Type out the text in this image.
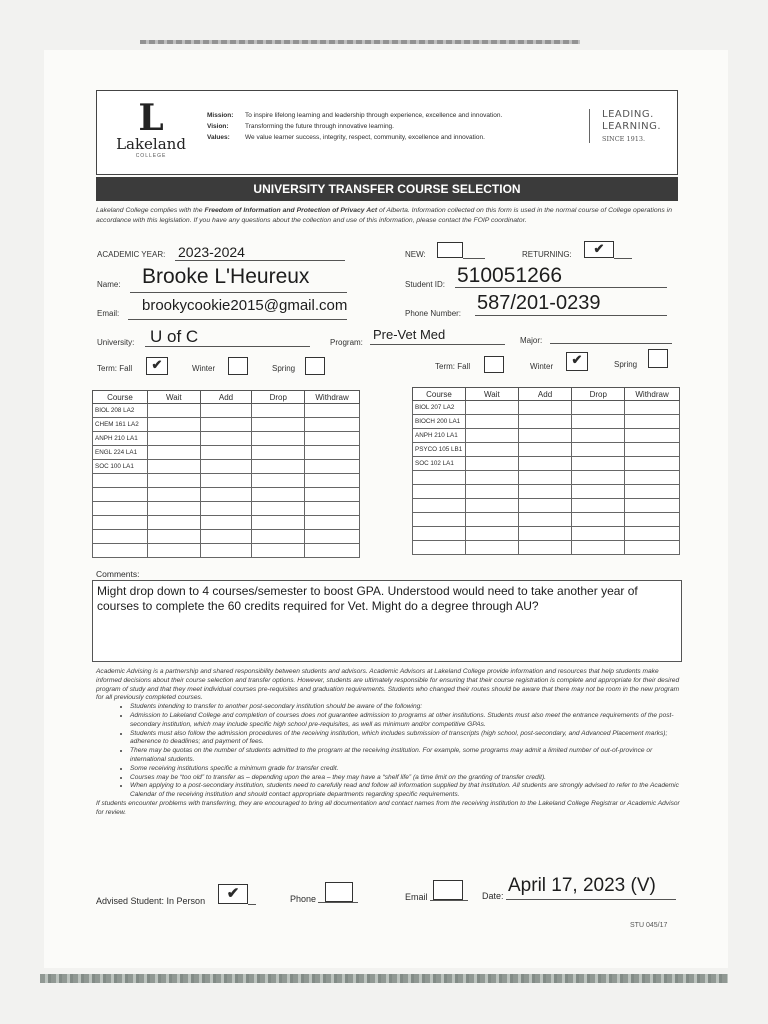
L
Lakeland
COLLEGE
Mission:	To inspire lifelong learning and leadership through experience, excellence and innovation.
Vision:	Transforming the future through innovative learning.
Values:	We value learner success, integrity, respect, community, excellence and innovation.
LEADING.
LEARNING.
SINCE 1913.
UNIVERSITY TRANSFER COURSE SELECTION
Lakeland College complies with the Freedom of Information and Protection of Privacy Act of Alberta. Information collected on this form is used in the normal course of College operations in accordance with this legislation. If you have any questions about the collection and use of this information, please contact the FOIP coordinator.
ACADEMIC YEAR: 2023-2024	NEW:	RETURNING:	✔
Name: Brooke L'Heureux	Student ID: 510051266
Email: brookycookie2015@gmail.com	Phone Number: 587/201-0239
University: U of C	Program:
Pre-Vet Med	Major:
Term: Fall	✔	Winter	Spring	Term: Fall	Winter	✔	Spring
Course	Wait	Add	Drop	Withdraw
BIOL 208 LA2				
CHEM 161 LA2				
ANPH 210 LA1				
ENGL 224 LA1				
SOC 100 LA1				

Course	Wait	Add	Drop	Withdraw
BIOL 207 LA2				
BIOCH 200 LA1				
ANPH 210 LA1				
PSYCO 105 LB1				
SOC 102 LA1				

Comments:
Might drop down to 4 courses/semester to boost GPA. Understood would need to take another year of courses to complete the 60 credits required for Vet. Might do a degree through AU?
Academic Advising is a partnership and shared responsibility between students and advisors. Academic Advisors at Lakeland College provide information and resources that help students make informed decisions about their course selection and transfer options. However, students are ultimately responsible for ensuring that their course registration is complete and appropriate for their desired program of study and that they meet individual courses pre-requisites and graduation requirements. Students who changed their routes should be aware that there may not be room in the new program for all previously completed courses.
• Students intending to transfer to another post-secondary institution should be aware of the following:
• Admission to Lakeland College and completion of courses does not guarantee admission to programs at other institutions. Students must also meet the entrance requirements of the post-secondary institution, which may include specific high school pre-requisites, as well as minimum and/or competitive GPAs.
• Students must also follow the admission procedures of the receiving institution, which includes submission of transcripts (high school, post-secondary, and Advanced Placement marks); adherence to deadlines; and payment of fees.
• There may be quotas on the number of students admitted to the program at the receiving institution. For example, some programs may admit a limited number of out-of-province or international students.
• Some receiving institutions specific a minimum grade for transfer credit.
• Courses may be “too old” to transfer as – depending upon the area – they may have a “shelf life” (a time limit on the granting of transfer credit).
• When applying to a post-secondary institution, students need to carefully read and follow all information supplied by that institution. All students are strongly advised to refer to the Academic Calendar of the receiving institution and should contact appropriate departments regarding specific requirements.
If students encounter problems with transferring, they are encouraged to bring all documentation and contact names from the receiving institution to the Lakeland College Registrar or Academic Advisor for review.
Advised Student: In Person	✔	Phone	Email	Date: April 17, 2023 (V)
STU 045/17
